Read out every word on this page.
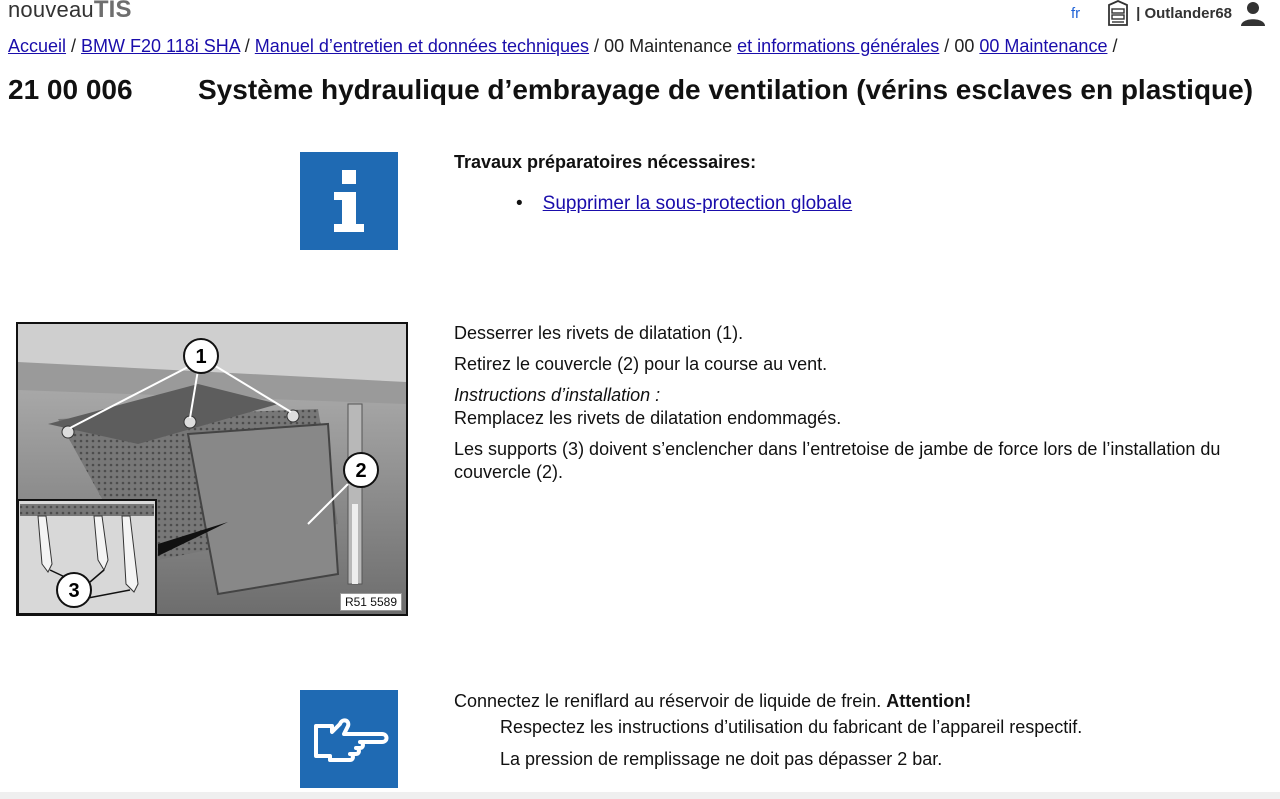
nouveauTIS	fr	| Outlander68
Accueil / BMW F20 118i SHA / Manuel d’entretien et données techniques / 00 Maintenance et informations générales / 00 00 Maintenance /
21 00 006 Système hydraulique d’embrayage de ventilation (vérins esclaves en plastique)
Travaux préparatoires nécessaires:
• Supprimer la sous-protection globale
1
2
3	R51 5589

Desserrer les rivets de dilatation (1).

Retirez le couvercle (2) pour la course au vent.

Instructions d’installation :

Remplacez les rivets de dilatation endommagés.

Les supports (3) doivent s’enclencher dans l’entretoise de jambe de force lors de l’installation du couvercle (2).

Connectez le reniflard au réservoir de liquide de frein. Attention!

Respectez les instructions d’utilisation du fabricant de l’appareil respectif.

La pression de remplissage ne doit pas dépasser 2 bar.
